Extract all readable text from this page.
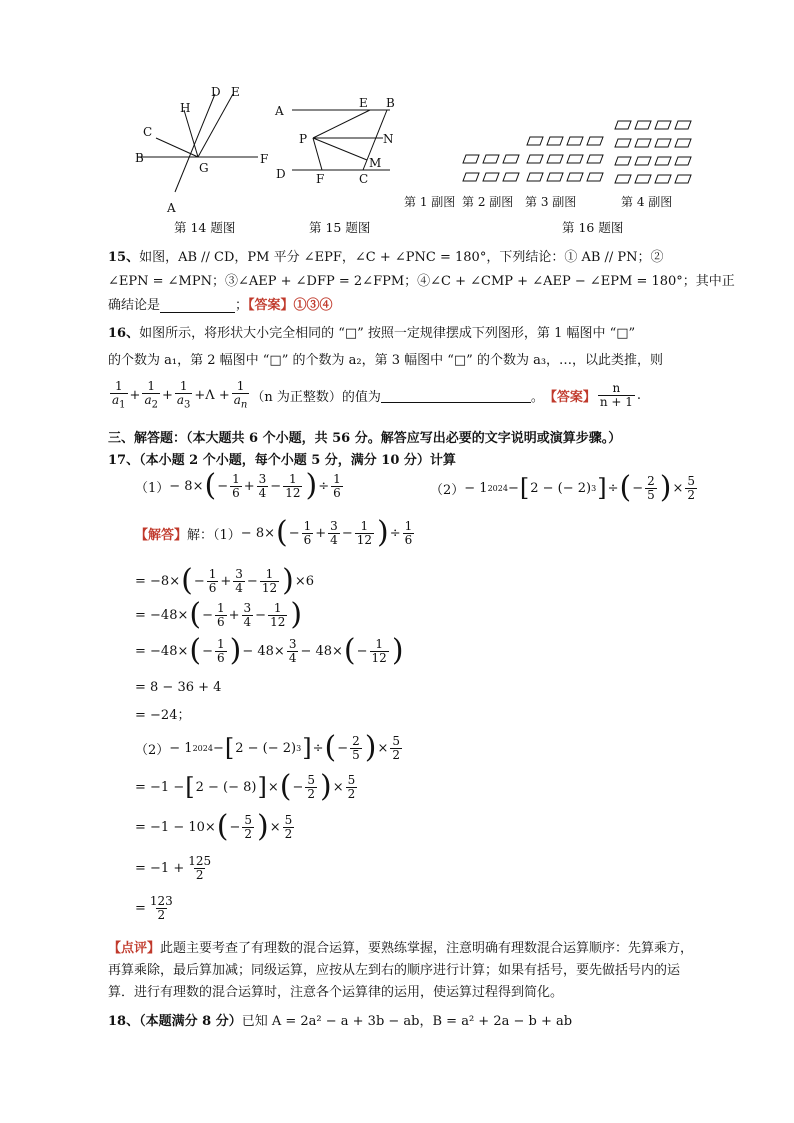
D E
H
C
B
G
F
A
第 14 题图
A
E B
P	N
M
D	F	C
第 15 题图
第 1 副图 第 2 副图 第 3 副图	第 4 副图
第 16 题图
15、如图，AB // CD，PM 平分 ∠EPF，∠C + ∠PNC = 180°，下列结论：① AB // PN；②
∠EPN = ∠MPN；③∠AEP + ∠DFP = 2∠FPM；④∠C + ∠CMP + ∠AEP − ∠EPM = 180°；其中正
确结论是	；【答案】①③④
16、如图所示，将形状大小完全相同的 “□” 按照一定规律摆成下列图形，第 1 幅图中 “□”
的个数为 a₁，第 2 幅图中 “□” 的个数为 a₂，第 3 幅图中 “□” 的个数为 a₃，…，以此类推，则
$\frac{1}{a_1} + \frac{1}{a_2} + \frac{1}{a_3} +\Lambda + \frac{1}{a_n} (n$ 为正整数）的值为	。 【答案】 $\frac{n}{n + 1}$ .
三、解答题：（本大题共 6 个小题，共 56 分。解答应写出必要的文字说明或演算步骤。）
17、（本小题 2 个小题，每个小题 5 分，满分 10 分）计算
（1） − 8× ( − $\frac{1}{6} + \frac{3}{4} - \frac{1}{12}$ ) ÷ $\frac{1}{6}$	（2） − 1 2024 − [ 2 − (− 2) 3 ] ÷ ( − $\frac{2}{5}$ ) × $\frac{5}{2}$
【解答】 解：（1） − 8× ( − $\frac{1}{6} + \frac{3}{4} - \frac{1}{12}$ ) ÷ $\frac{1}{6}$
= −8× ( − $\frac{1}{6} + \frac{3}{4} - \frac{1}{12}$ ) ×6
= −48× ( − $\frac{1}{6} + \frac{3}{4} - \frac{1}{12}$ )
= −48× ( − $\frac{1}{6}$ ) − $48\times \frac{3}{4} - 48\times$ ( − $\frac{1}{12}$ )
= 8 − 36 + 4
= −24；
（2） − 1 2024 − [ 2 − (− 2) 3 ] ÷ ( − $\frac{2}{5}$ ) × $\frac{5}{2}$
= −1 − [ 2 − (− 8) ] × ( − $\frac{5}{2}$ ) × $\frac{5}{2}$
= −1 − 10× ( − $\frac{5}{2}$ ) × $\frac{5}{2}$
= $-1 + \frac{125}{2}$
= $\frac{123}{2}$
【点评】此题主要考查了有理数的混合运算，要熟练掌握，注意明确有理数混合运算顺序：先算乘方，再算乘除，最后算加减；同级运算，应按从左到右的顺序进行计算；如果有括号，要先做括号内的运算．进行有理数的混合运算时，注意各个运算律的运用，使运算过程得到简化。
18、（本题满分 8 分）已知 A = 2a² − a + 3b − ab，B = a² + 2a − b + ab
